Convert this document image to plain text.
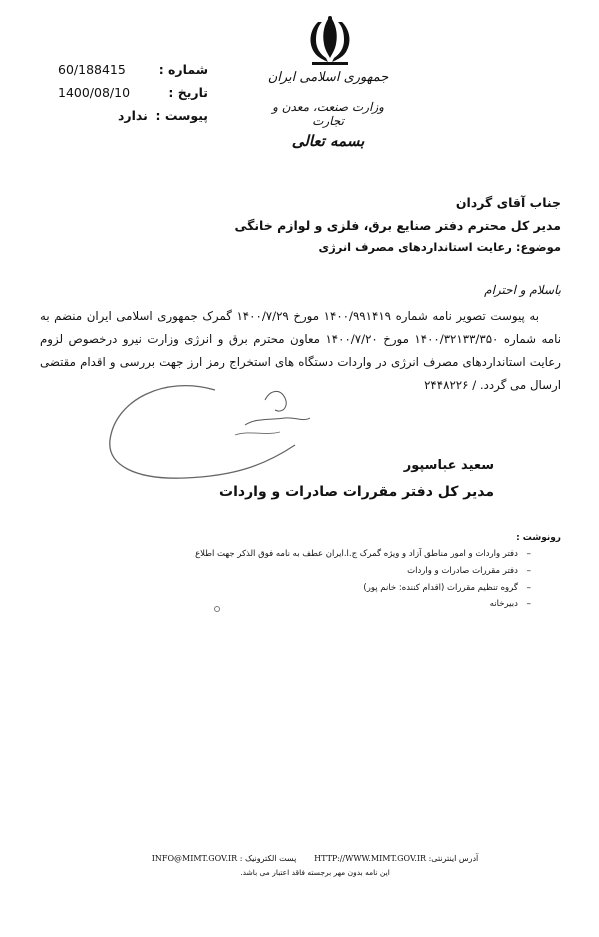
جمهوری اسلامی ایران
وزارت صنعت، معدن و تجارت
بسمه تعالی
شماره :
60/188415
تاریخ :
1400/08/10
پیوست :
ندارد
جناب آقای گردان
مدیر کل محترم دفتر صنایع برق، فلزی و لوازم خانگی
موضوع: رعایت استانداردهای مصرف انرژی
باسلام و احترام
به پیوست تصویر نامه شماره ۱۴۰۰/۹۹۱۴۱۹ مورخ ۱۴۰۰/۷/۲۹ گمرک جمهوری اسلامی ایران منضم به نامه شماره ۱۴۰۰/۳۲۱۳۳/۳۵۰ مورخ ۱۴۰۰/۷/۲۰ معاون محترم برق و انرژی وزارت نیرو درخصوص لزوم رعایت استانداردهای مصرف انرژی در واردات دستگاه های استخراج رمز ارز جهت بررسی و اقدام مقتضی ارسال می گردد. / ۲۴۴۸۲۲۶
سعید عباسپور
مدیر کل دفتر مقررات صادرات و واردات
رونوشت :
–   دفتر واردات و امور مناطق آزاد و ویژه گمرک ج.ا.ایران عطف به نامه فوق الذکر جهت اطلاع
–   دفتر مقررات صادرات و واردات
–   گروه تنظیم مقررات (اقدام کننده: خانم پور)
–   دبیرخانه
آدرس اینترنتی: HTTP://WWW.MIMT.GOV.IR       پست الکترونیک : INFO@MIMT.GOV.IR
این نامه بدون مهر برجسته فاقد اعتبار می باشد.
